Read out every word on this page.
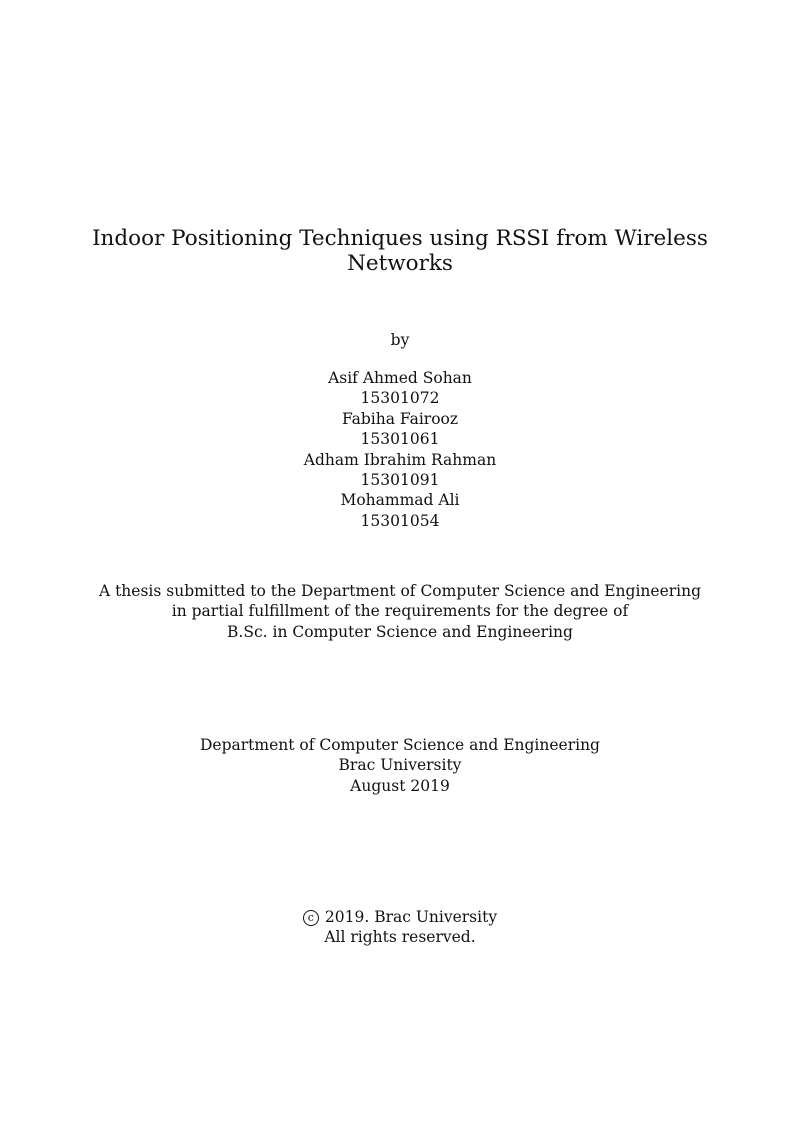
Indoor Positioning Techniques using RSSI from Wireless
Networks
by
Asif Ahmed Sohan
15301072
Fabiha Fairooz
15301061
Adham Ibrahim Rahman
15301091
Mohammad Ali
15301054
A thesis submitted to the Department of Computer Science and Engineering
in partial fulfillment of the requirements for the degree of
B.Sc. in Computer Science and Engineering
Department of Computer Science and Engineering
Brac University
August 2019
c 2019. Brac University
All rights reserved.
